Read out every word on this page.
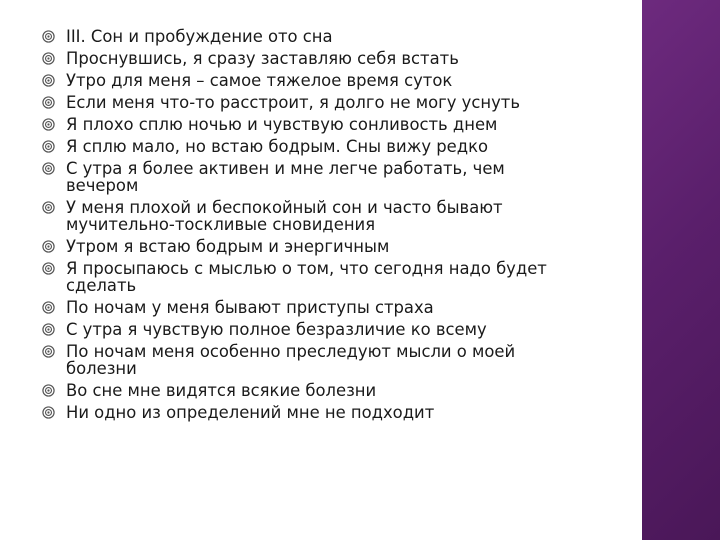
III. Сон и пробуждение ото сна
Проснувшись, я сразу заставляю себя встать
Утро для меня – самое тяжелое время суток
Если меня что-то расстроит, я долго не могу уснуть
Я плохо сплю ночью и чувствую сонливость днем
Я сплю мало, но встаю бодрым. Сны вижу редко
С утра я более активен и мне легче работать, чем вечером
У меня плохой и беспокойный сон и часто бывают мучительно-тоскливые сновидения
Утром я встаю бодрым и энергичным
Я просыпаюсь с мыслью о том, что сегодня надо будет сделать
По ночам у меня бывают приступы страха
С утра я чувствую полное безразличие ко всему
По ночам меня особенно преследуют мысли о моей болезни
Во сне мне видятся всякие болезни
Ни одно из определений мне не подходит
